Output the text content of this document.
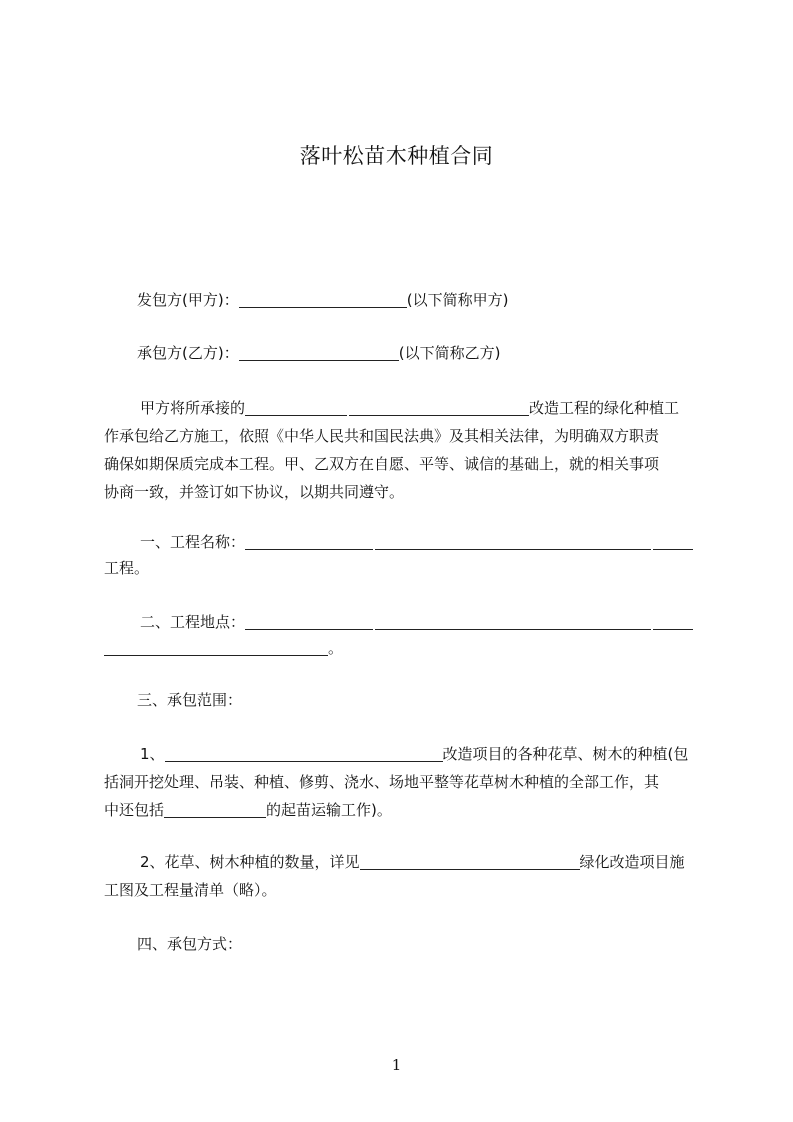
落叶松苗木种植合同
发包方(甲方)：	(以下简称甲方)
承包方(乙方)：	(以下简称乙方)
甲方将所承接的	改造工程的绿化种植工
作承包给乙方施工，依照《中华人民共和国民法典》及其相关法律，为明确双方职责
确保如期保质完成本工程。甲、乙双方在自愿、平等、诚信的基础上，就的相关事项
协商一致，并签订如下协议，以期共同遵守。
一、工程名称：
工程。
二、工程地点：
。
三、承包范围：
1、	改造项目的各种花草、树木的种植(包
括洞开挖处理、吊装、种植、修剪、浇水、场地平整等花草树木种植的全部工作，其
中还包括	的起苗运输工作)。
2、花草、树木种植的数量，详见	绿化改造项目施
工图及工程量清单（略）。
四、承包方式：
1
